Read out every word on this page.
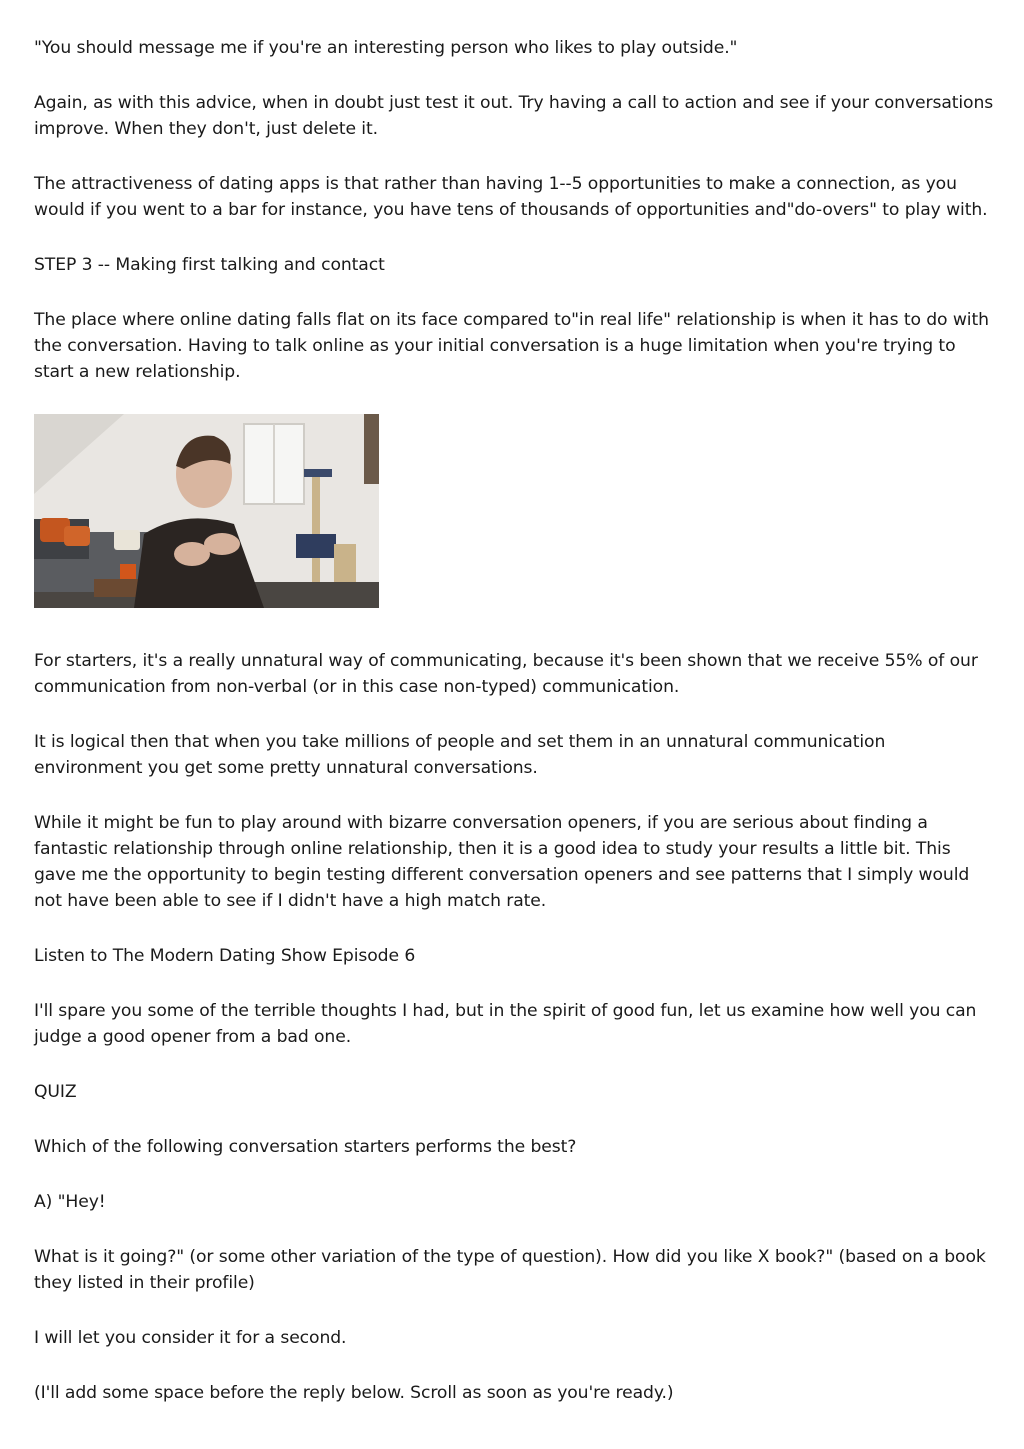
"You should message me if you're an interesting person who likes to play outside."

Again, as with this advice, when in doubt just test it out. Try having a call to action and see if your conversations improve. When they don't, just delete it.

The attractiveness of dating apps is that rather than having 1--5 opportunities to make a connection, as you would if you went to a bar for instance, you have tens of thousands of opportunities and"do-overs" to play with.

STEP 3 -- Making first talking and contact

The place where online dating falls flat on its face compared to"in real life" relationship is when it has to do with the conversation. Having to talk online as your initial conversation is a huge limitation when you're trying to start a new relationship.

For starters, it's a really unnatural way of communicating, because it's been shown that we receive 55% of our communication from non-verbal (or in this case non-typed) communication.

It is logical then that when you take millions of people and set them in an unnatural communication environment you get some pretty unnatural conversations.

While it might be fun to play around with bizarre conversation openers, if you are serious about finding a fantastic relationship through online relationship, then it is a good idea to study your results a little bit. This gave me the opportunity to begin testing different conversation openers and see patterns that I simply would not have been able to see if I didn't have a high match rate.

Listen to The Modern Dating Show Episode 6

I'll spare you some of the terrible thoughts I had, but in the spirit of good fun, let us examine how well you can judge a good opener from a bad one.

QUIZ

Which of the following conversation starters performs the best?

A) "Hey!

What is it going?" (or some other variation of the type of question). How did you like X book?" (based on a book they listed in their profile)

I will let you consider it for a second.

(I'll add some space before the reply below. Scroll as soon as you're ready.)
